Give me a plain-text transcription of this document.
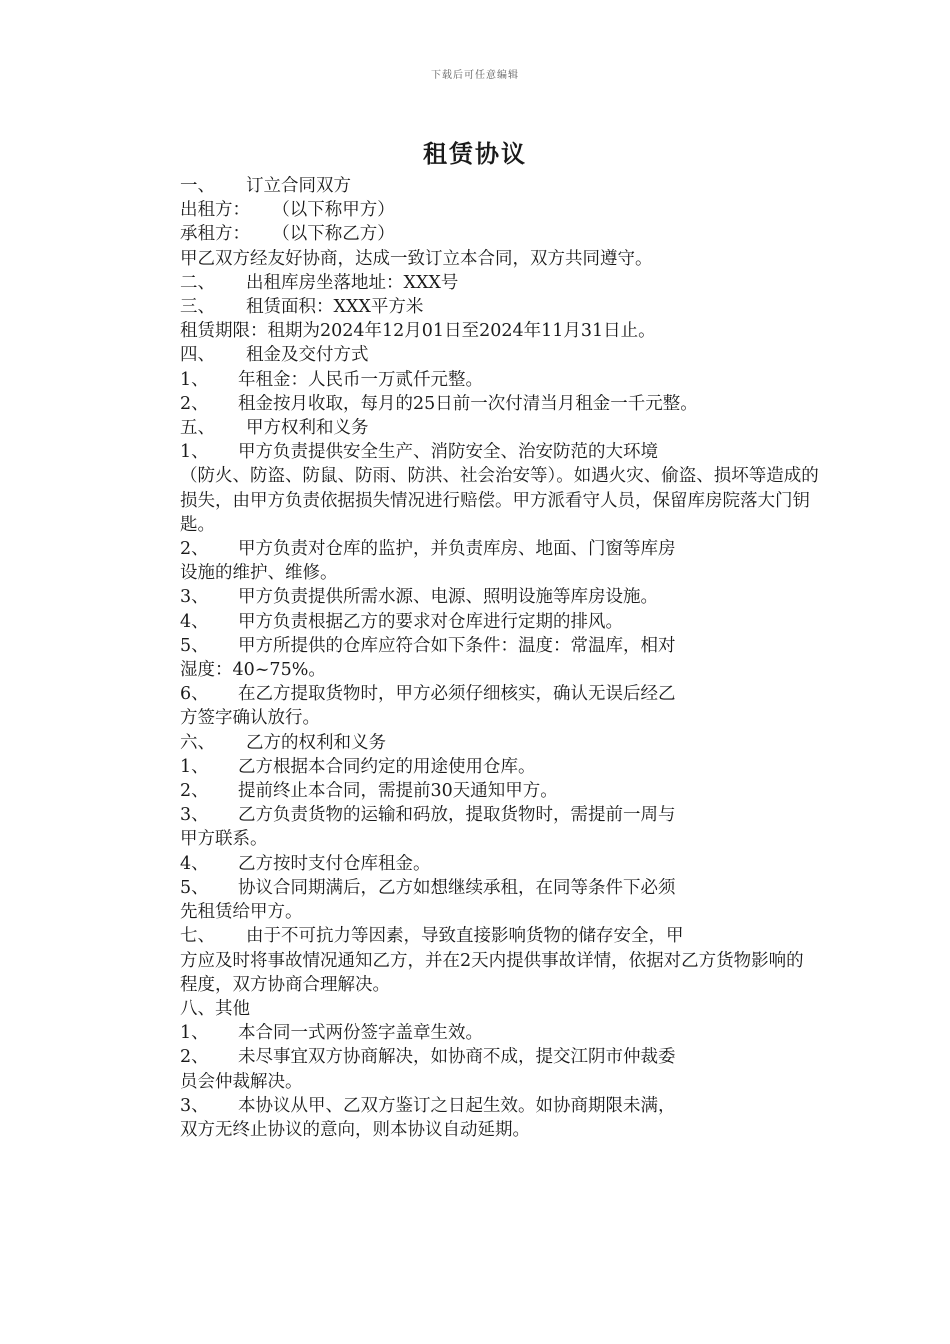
下载后可任意编辑
租赁协议
一、	订立合同双方
出租方：    （以下称甲方）
承租方：    （以下称乙方）
甲乙双方经友好协商，达成一致订立本合同，双方共同遵守。
二、	出租库房坐落地址：XXX号
三、	租赁面积：XXX平方米
租赁期限：租期为2024年12月01日至2024年11月31日止。
四、	租金及交付方式
1、	年租金：人民币一万贰仟元整。
2、	租金按月收取，每月的25日前一次付清当月租金一千元整。
五、	甲方权利和义务
1、	甲方负责提供安全生产、消防安全、治安防范的大环境
（防火、防盗、防鼠、防雨、防洪、社会治安等）。如遇火灾、偷盗、损坏等造成的损失，由甲方负责依据损失情况进行赔偿。甲方派看守人员，保留库房院落大门钥匙。
2、	甲方负责对仓库的监护，并负责库房、地面、门窗等库房
设施的维护、维修。
3、	甲方负责提供所需水源、电源、照明设施等库房设施。
4、	甲方负责根据乙方的要求对仓库进行定期的排风。
5、	甲方所提供的仓库应符合如下条件：温度：常温库，相对
湿度：40~75%。
6、	在乙方提取货物时，甲方必须仔细核实，确认无误后经乙
方签字确认放行。
六、	乙方的权利和义务
1、	乙方根据本合同约定的用途使用仓库。
2、	提前终止本合同，需提前30天通知甲方。
3、	乙方负责货物的运输和码放，提取货物时，需提前一周与
甲方联系。
4、	乙方按时支付仓库租金。
5、	协议合同期满后，乙方如想继续承租，在同等条件下必须
先租赁给甲方。
七、	由于不可抗力等因素，导致直接影响货物的储存安全，甲
方应及时将事故情况通知乙方，并在2天内提供事故详情，依据对乙方货物影响的程度，双方协商合理解决。
八、其他
1、	本合同一式两份签字盖章生效。
2、	未尽事宜双方协商解决，如协商不成，提交江阴市仲裁委
员会仲裁解决。
3、	本协议从甲、乙双方鉴订之日起生效。如协商期限未满，
双方无终止协议的意向，则本协议自动延期。
